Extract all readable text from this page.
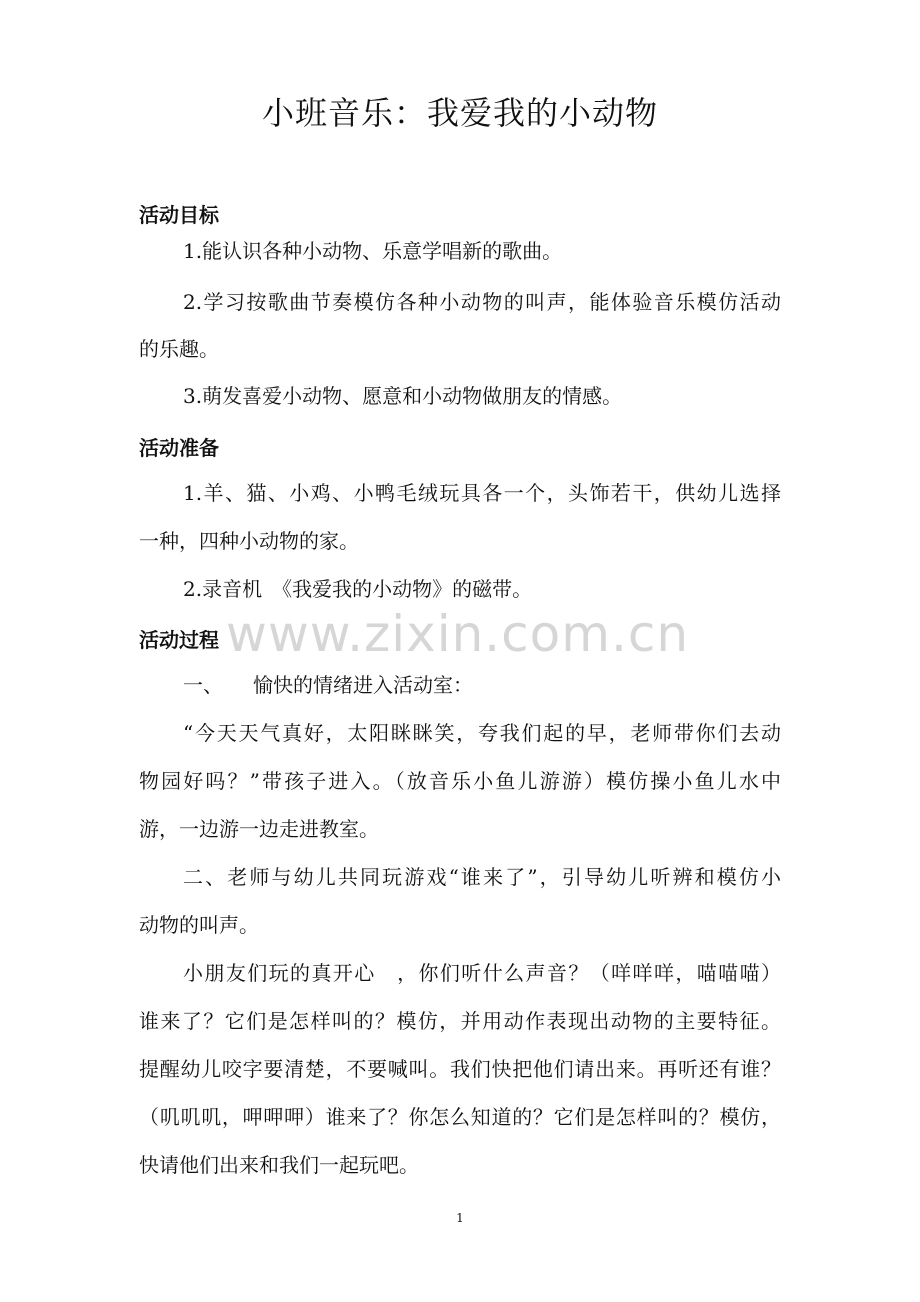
小班音乐：我爱我的小动物
活动目标
1.能认识各种小动物、乐意学唱新的歌曲。
2.学习按歌曲节奏模仿各种小动物的叫声，能体验音乐模仿活动
的乐趣。
3.萌发喜爱小动物、愿意和小动物做朋友的情感。
活动准备
1.羊、猫、小鸡、小鸭毛绒玩具各一个，头饰若干，供幼儿选择
一种，四种小动物的家。
2.录音机　《我爱我的小动物》的磁带。
活动过程
一、　　愉快的情绪进入活动室：
“今天天气真好，太阳眯眯笑，夸我们起的早，老师带你们去动
物园好吗？”带孩子进入。（放音乐小鱼儿游游）模仿操小鱼儿水中
游，一边游一边走进教室。
二、老师与幼儿共同玩游戏“谁来了”，引导幼儿听辨和模仿小
动物的叫声。
小朋友们玩的真开心　，你们听什么声音？（咩咩咩，喵喵喵）
谁来了？它们是怎样叫的？模仿，并用动作表现出动物的主要特征。
提醒幼儿咬字要清楚，不要喊叫。我们快把他们请出来。再听还有谁？
（叽叽叽，呷呷呷）谁来了？你怎么知道的？它们是怎样叫的？模仿，
快请他们出来和我们一起玩吧。
www.zixin.com.cn
1
